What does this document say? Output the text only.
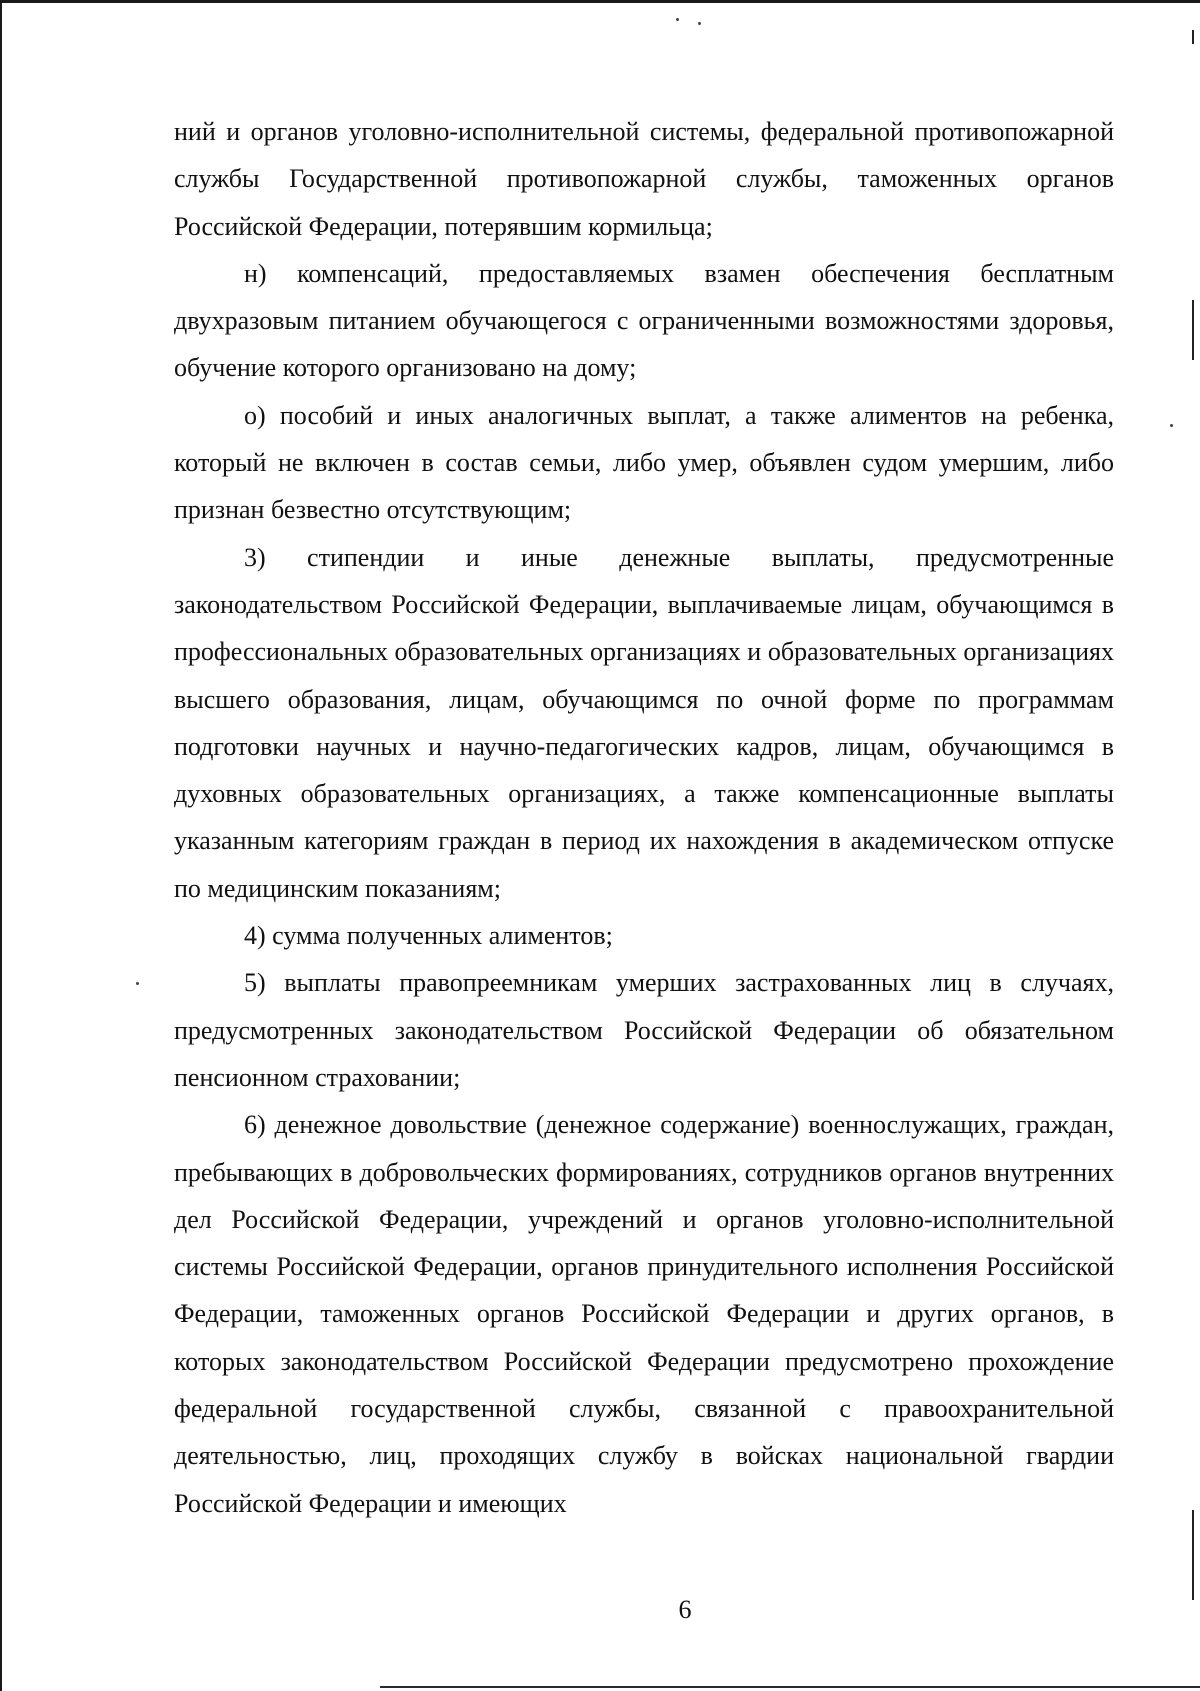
ний и органов уголовно-исполнительной системы, федеральной противопожарной службы Государственной противопожарной службы, таможенных органов Российской Федерации, потерявшим кормильца;

н) компенсаций, предоставляемых взамен обеспечения бесплатным двухразовым питанием обучающегося с ограниченными возможностями здоровья, обучение которого организовано на дому;

о) пособий и иных аналогичных выплат, а также алиментов на ребенка, который не включен в состав семьи, либо умер, объявлен судом умершим, либо признан безвестно отсутствующим;

3) стипендии и иные денежные выплаты, предусмотренные законодательством Российской Федерации, выплачиваемые лицам, обучающимся в профессиональных образовательных организациях и образовательных организациях высшего образования, лицам, обучающимся по очной форме по программам подготовки научных и научно-педагогических кадров, лицам, обучающимся в духовных образовательных организациях, а также компенсационные выплаты указанным категориям граждан в период их нахождения в академическом отпуске по медицинским показаниям;

4) сумма полученных алиментов;

5) выплаты правопреемникам умерших застрахованных лиц в случаях, предусмотренных законодательством Российской Федерации об обязательном пенсионном страховании;

6) денежное довольствие (денежное содержание) военнослужащих, граждан, пребывающих в добровольческих формированиях, сотрудников органов внутренних дел Российской Федерации, учреждений и органов уголовно-исполнительной системы Российской Федерации, органов принудительного исполнения Российской Федерации, таможенных органов Российской Федерации и других органов, в которых законодательством Российской Федерации предусмотрено прохождение федеральной государственной службы, связанной с правоохранительной деятельностью, лиц, проходящих службу в войсках национальной гвардии Российской Федерации и имеющих

6
